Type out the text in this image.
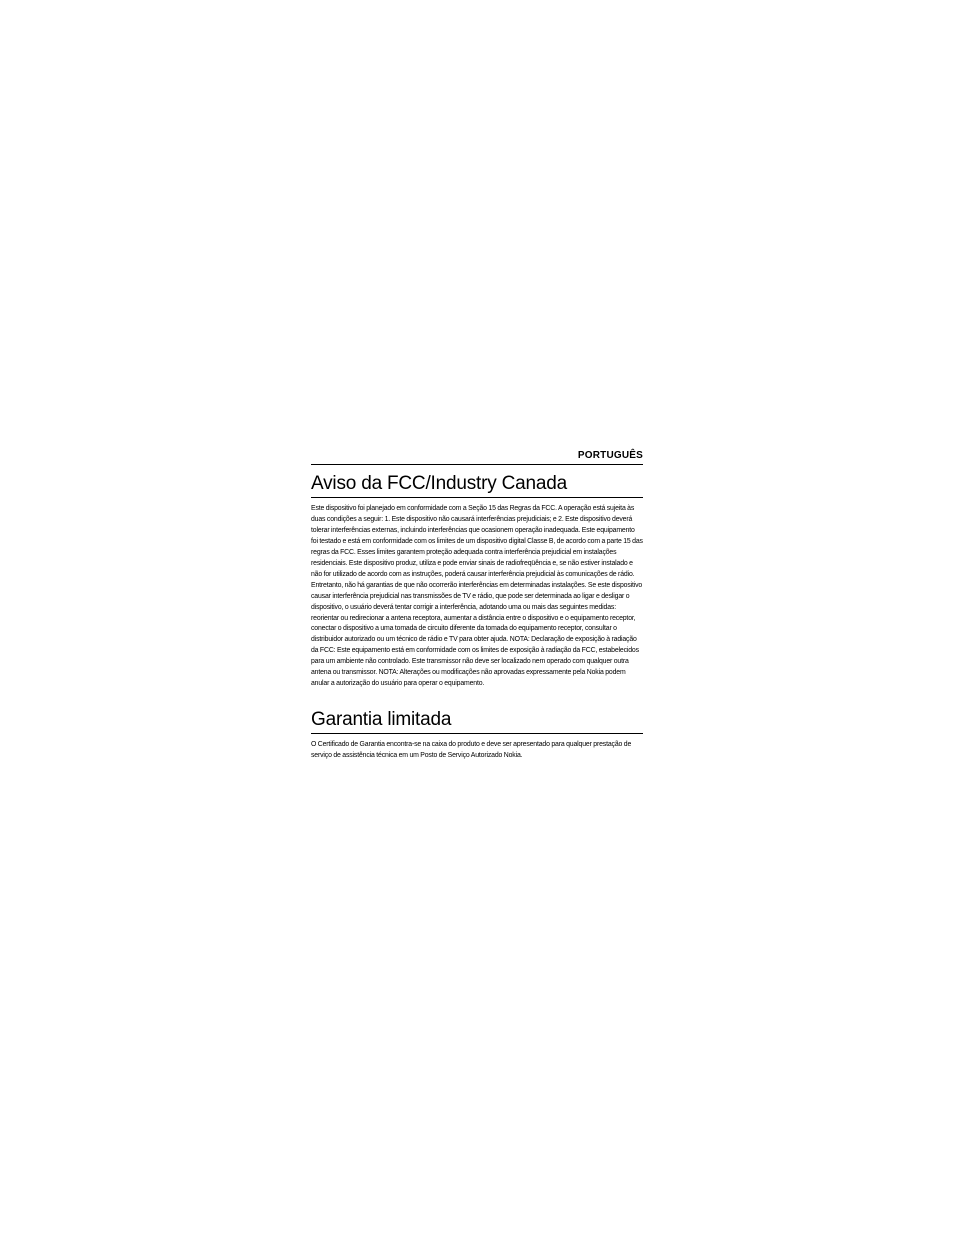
PORTUGUÊS
Aviso da FCC/Industry Canada

Este dispositivo foi planejado em conformidade com a Seção 15 das Regras da FCC. A operação está sujeita às duas condições a seguir: 1. Este dispositivo não causará interferências prejudiciais; e 2. Este dispositivo deverá tolerar interferências externas, incluindo interferências que ocasionem operação inadequada. Este equipamento foi testado e está em conformidade com os limites de um dispositivo digital Classe B, de acordo com a parte 15 das regras da FCC. Esses limites garantem proteção adequada contra interferência prejudicial em instalações residenciais. Este dispositivo produz, utiliza e pode enviar sinais de radiofreqüência e, se não estiver instalado e não for utilizado de acordo com as instruções, poderá causar interferência prejudicial às comunicações de rádio. Entretanto, não há garantias de que não ocorrerão interferências em determinadas instalações. Se este dispositivo causar interferência prejudicial nas transmissões de TV e rádio, que pode ser determinada ao ligar e desligar o dispositivo, o usuário deverá tentar corrigir a interferência, adotando uma ou mais das seguintes medidas: reorientar ou redirecionar a antena receptora, aumentar a distância entre o dispositivo e o equipamento receptor, conectar o dispositivo a uma tomada de circuito diferente da tomada do equipamento receptor, consultar o distribuidor autorizado ou um técnico de rádio e TV para obter ajuda. NOTA: Declaração de exposição à radiação da FCC: Este equipamento está em conformidade com os limites de exposição à radiação da FCC, estabelecidos para um ambiente não controlado. Este transmissor não deve ser localizado nem operado com qualquer outra antena ou transmissor. NOTA: Alterações ou modificações não aprovadas expressamente pela Nokia podem anular a autorização do usuário para operar o equipamento.

Garantia limitada

O Certificado de Garantia encontra-se na caixa do produto e deve ser apresentado para qualquer prestação de serviço de assistência técnica em um Posto de Serviço Autorizado Nokia.
